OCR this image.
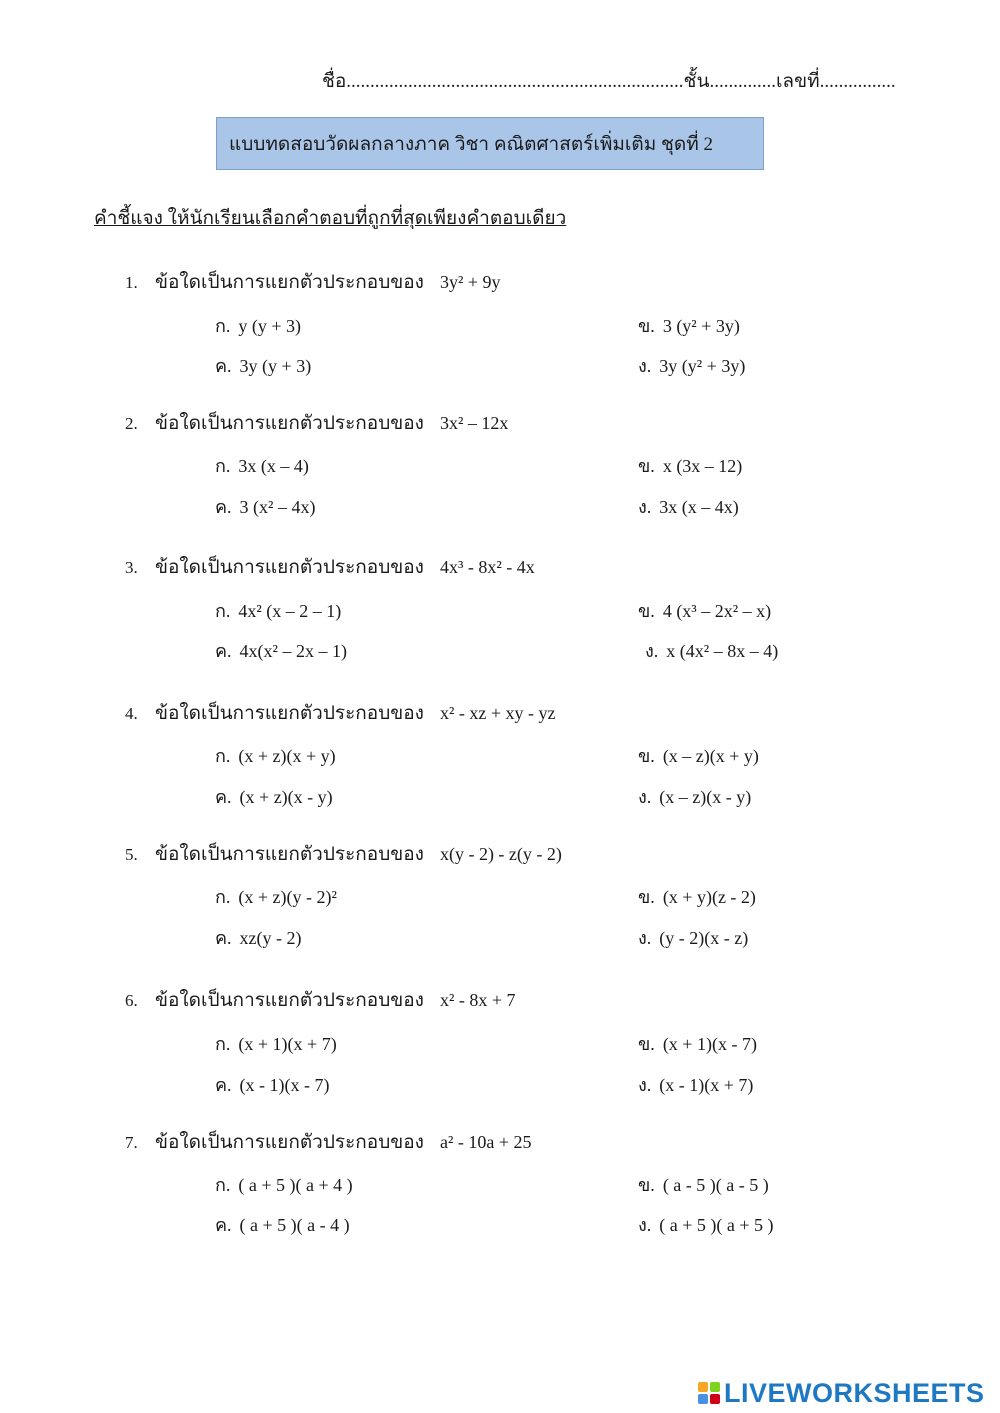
ชื่อ.......................................................................ชั้น..............เลขที่................
แบบทดสอบวัดผลกลางภาค วิชา คณิตศาสตร์เพิ่มเติม ชุดที่ 2
คำชี้แจง ให้นักเรียนเลือกคำตอบที่ถูกที่สุดเพียงคำตอบเดียว
1. ข้อใดเป็นการแยกตัวประกอบของ 3y² + 9y
ก. y (y + 3)	ข. 3 (y² + 3y)
ค. 3y (y + 3)	ง. 3y (y² + 3y)
2. ข้อใดเป็นการแยกตัวประกอบของ 3x² – 12x
ก. 3x (x – 4)	ข. x (3x – 12)
ค. 3 (x² – 4x)	ง. 3x (x – 4x)
3. ข้อใดเป็นการแยกตัวประกอบของ 4x³ - 8x² - 4x
ก. 4x² (x – 2 – 1)	ข. 4 (x³ – 2x² – x)
ค. 4x(x² – 2x – 1)	ง. x (4x² – 8x – 4)
4. ข้อใดเป็นการแยกตัวประกอบของ x² - xz + xy - yz
ก. (x + z)(x + y)	ข. (x – z)(x + y)
ค. (x + z)(x - y)	ง. (x – z)(x - y)
5. ข้อใดเป็นการแยกตัวประกอบของ x(y - 2) - z(y - 2)
ก. (x + z)(y - 2)²	ข. (x + y)(z - 2)
ค. xz(y - 2)	ง. (y - 2)(x - z)
6. ข้อใดเป็นการแยกตัวประกอบของ x² - 8x + 7
ก. (x + 1)(x + 7)	ข. (x + 1)(x - 7)
ค. (x - 1)(x - 7)	ง. (x - 1)(x + 7)
7. ข้อใดเป็นการแยกตัวประกอบของ a² - 10a + 25
ก. ( a + 5 )( a + 4 )	ข. ( a - 5 )( a - 5 )
ค. ( a + 5 )( a - 4 )	ง. ( a + 5 )( a + 5 )
LIVEWORKSHEETS
